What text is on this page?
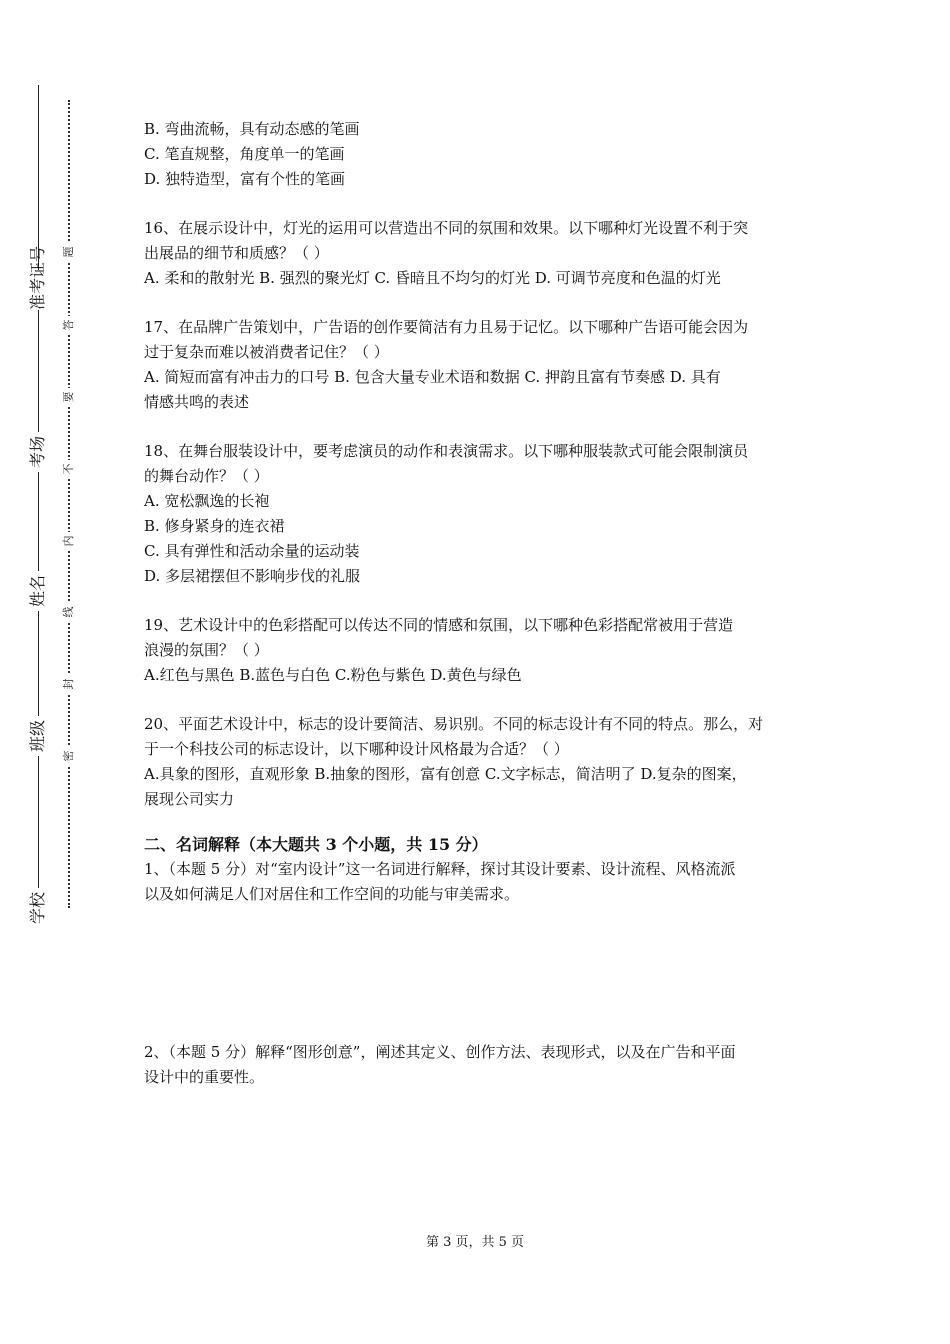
准考证号
考场
姓名
班级
学校
题
答
要
不
内
线
封
密

B. 弯曲流畅，具有动态感的笔画

C. 笔直规整，角度单一的笔画

D. 独特造型，富有个性的笔画

16、在展示设计中，灯光的运用可以营造出不同的氛围和效果。以下哪种灯光设置不利于突

出展品的细节和质感？（ ）

A. 柔和的散射光 B. 强烈的聚光灯 C. 昏暗且不均匀的灯光 D. 可调节亮度和色温的灯光

17、在品牌广告策划中，广告语的创作要简洁有力且易于记忆。以下哪种广告语可能会因为

过于复杂而难以被消费者记住？（ ）

A. 简短而富有冲击力的口号 B. 包含大量专业术语和数据 C. 押韵且富有节奏感 D. 具有

情感共鸣的表述

18、在舞台服装设计中，要考虑演员的动作和表演需求。以下哪种服装款式可能会限制演员

的舞台动作？（ ）

A. 宽松飘逸的长袍

B. 修身紧身的连衣裙

C. 具有弹性和活动余量的运动装

D. 多层裙摆但不影响步伐的礼服

19、艺术设计中的色彩搭配可以传达不同的情感和氛围，以下哪种色彩搭配常被用于营造

浪漫的氛围？（ ）

A.红色与黑色 B.蓝色与白色 C.粉色与紫色 D.黄色与绿色

20、平面艺术设计中，标志的设计要简洁、易识别。不同的标志设计有不同的特点。那么，对

于一个科技公司的标志设计，以下哪种设计风格最为合适？（ ）

A.具象的图形，直观形象 B.抽象的图形，富有创意 C.文字标志，简洁明了 D.复杂的图案，

展现公司实力

二、名词解释（本大题共 3 个小题，共 15 分）

1、（本题 5 分）对“室内设计”这一名词进行解释，探讨其设计要素、设计流程、风格流派

以及如何满足人们对居住和工作空间的功能与审美需求。

2、（本题 5 分）解释“图形创意”，阐述其定义、创作方法、表现形式，以及在广告和平面

设计中的重要性。

第 3 页，共 5 页
